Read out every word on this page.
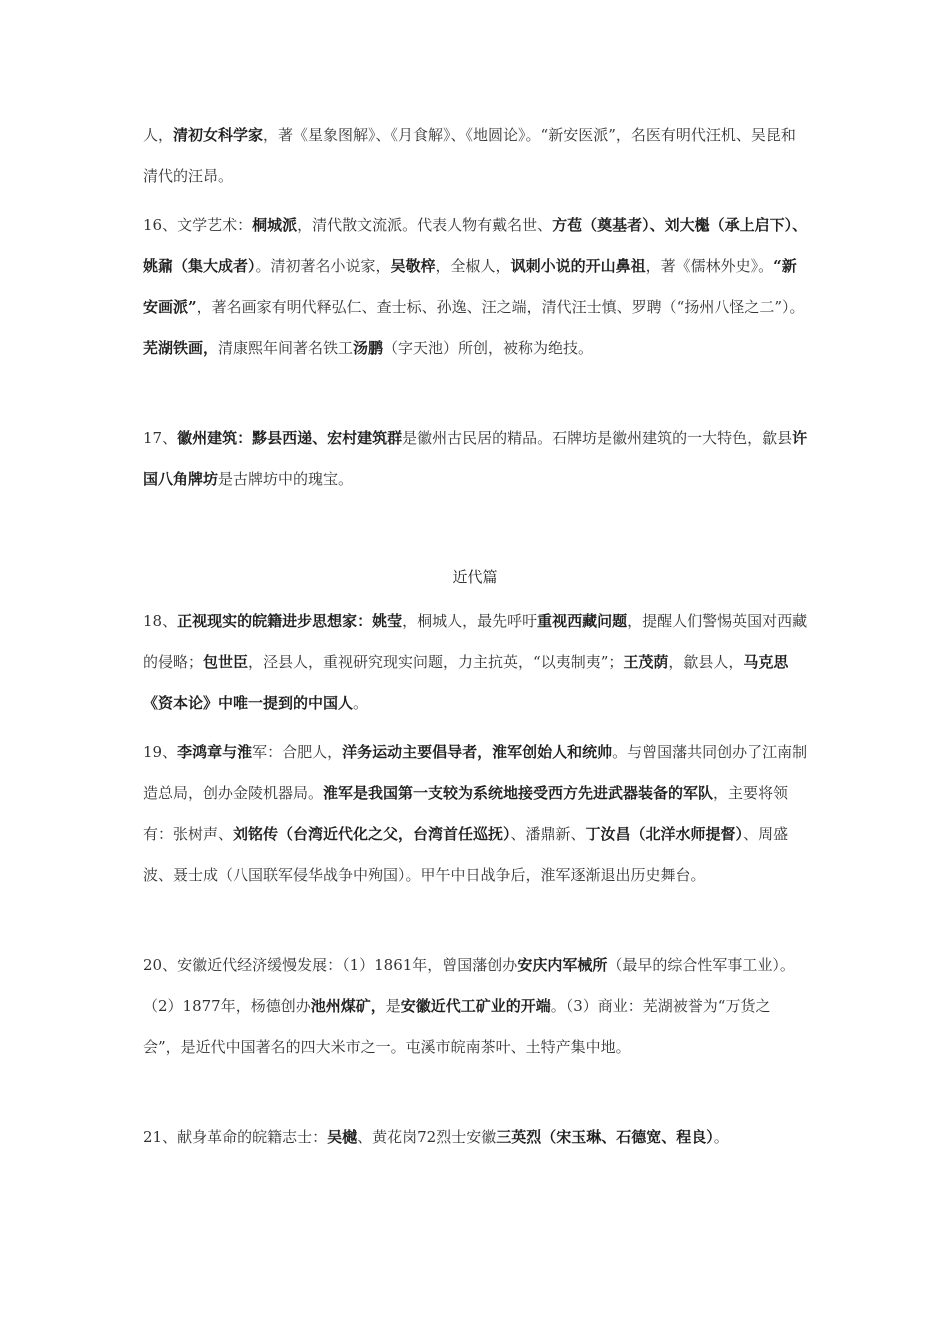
人，清初女科学家，著《星象图解》、《月食解》、《地圆论》。“新安医派”，名医有明代汪机、吴昆和清代的汪昂。
16、文学艺术：桐城派，清代散文流派。代表人物有戴名世、方苞（奠基者）、刘大櫆（承上启下）、姚鼐（集大成者）。清初著名小说家，吴敬梓，全椒人，讽刺小说的开山鼻祖，著《儒林外史》。“新安画派”，著名画家有明代释弘仁、查士标、孙逸、汪之端，清代汪士慎、罗聘（“扬州八怪之二”）。芜湖铁画，清康熙年间著名铁工汤鹏（字天池）所创，被称为绝技。
17、徽州建筑：黟县西递、宏村建筑群是徽州古民居的精品。石牌坊是徽州建筑的一大特色，歙县许国八角牌坊是古牌坊中的瑰宝。
近代篇
18、正视现实的皖籍进步思想家：姚莹，桐城人，最先呼吁重视西藏问题，提醒人们警惕英国对西藏的侵略；包世臣，泾县人，重视研究现实问题，力主抗英，“以夷制夷”；王茂荫，歙县人，马克思《资本论》中唯一提到的中国人。
19、李鸿章与淮军：合肥人，洋务运动主要倡导者，淮军创始人和统帅。与曾国藩共同创办了江南制造总局，创办金陵机器局。淮军是我国第一支较为系统地接受西方先进武器装备的军队，主要将领有：张树声、刘铭传（台湾近代化之父，台湾首任巡抚）、潘鼎新、丁汝昌（北洋水师提督）、周盛波、聂士成（八国联军侵华战争中殉国）。甲午中日战争后，淮军逐渐退出历史舞台。
20、安徽近代经济缓慢发展：（1）1861年，曾国藩创办安庆内军械所（最早的综合性军事工业）。（2）1877年，杨德创办池州煤矿，是安徽近代工矿业的开端。（3）商业：芜湖被誉为“万货之会”，是近代中国著名的四大米市之一。屯溪市皖南茶叶、土特产集中地。
21、献身革命的皖籍志士：吴樾、黄花岗72烈士安徽三英烈（宋玉琳、石德宽、程良）。
